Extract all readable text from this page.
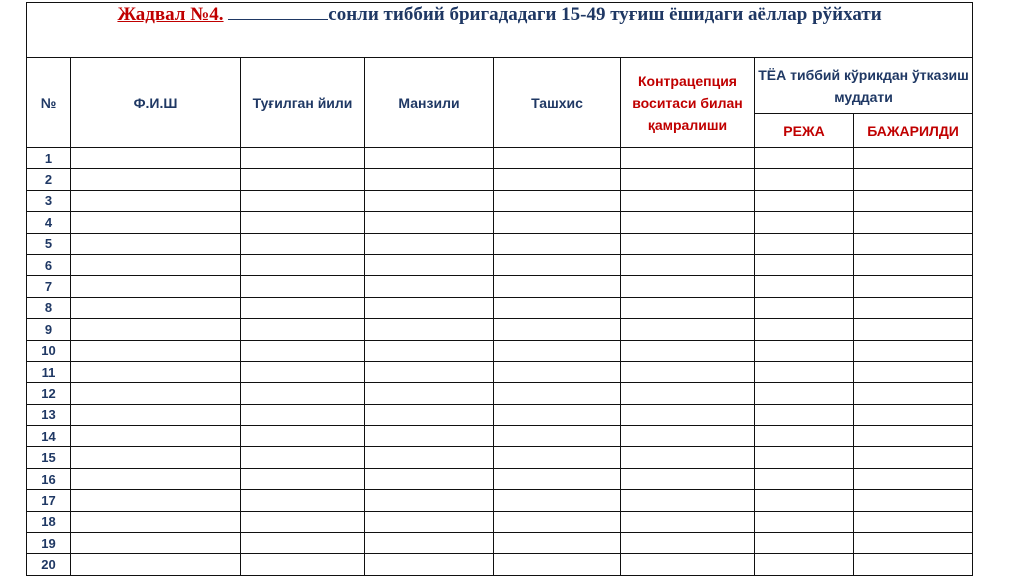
Жадвал №4. сонли тиббий бригададаги 15-49 туғиш ёшидаги аёллар рўйхати							
№	Ф.И.Ш	Туғилган йили	Манзили	Ташхис	Контрацепция воситаси билан қамралиши	ТЁА тиббий кўрикдан ўтказиш муддати	
						РЕЖА	БАЖАРИЛДИ
1							
2							
3							
4							
5							
6							
7							
8							
9							
10							
11							
12							
13							
14							
15							
16							
17							
18							
19							
20							
